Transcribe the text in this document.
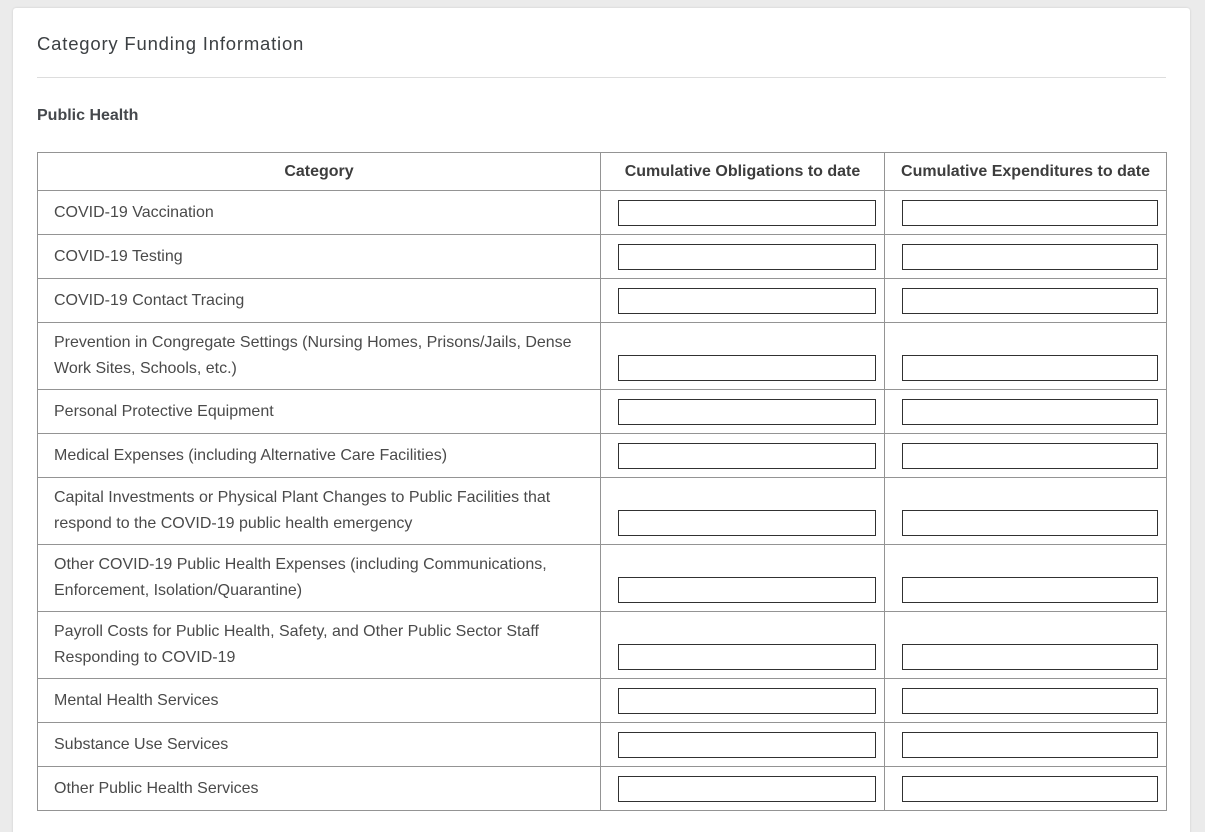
Category Funding Information
Public Health
Category	Cumulative Obligations to date	Cumulative Expenditures to date
COVID-19 Vaccination	

COVID-19 Testing	

COVID-19 Contact Tracing	

Prevention in Congregate Settings (Nursing Homes, Prisons/Jails, Dense Work Sites, Schools, etc.)	

Personal Protective Equipment	

Medical Expenses (including Alternative Care Facilities)	

Capital Investments or Physical Plant Changes to Public Facilities that respond to the COVID-19 public health emergency	

Other COVID-19 Public Health Expenses (including Communications, Enforcement, Isolation/Quarantine)	

Payroll Costs for Public Health, Safety, and Other Public Sector Staff Responding to COVID-19	

Mental Health Services	

Substance Use Services	

Other Public Health Services	
